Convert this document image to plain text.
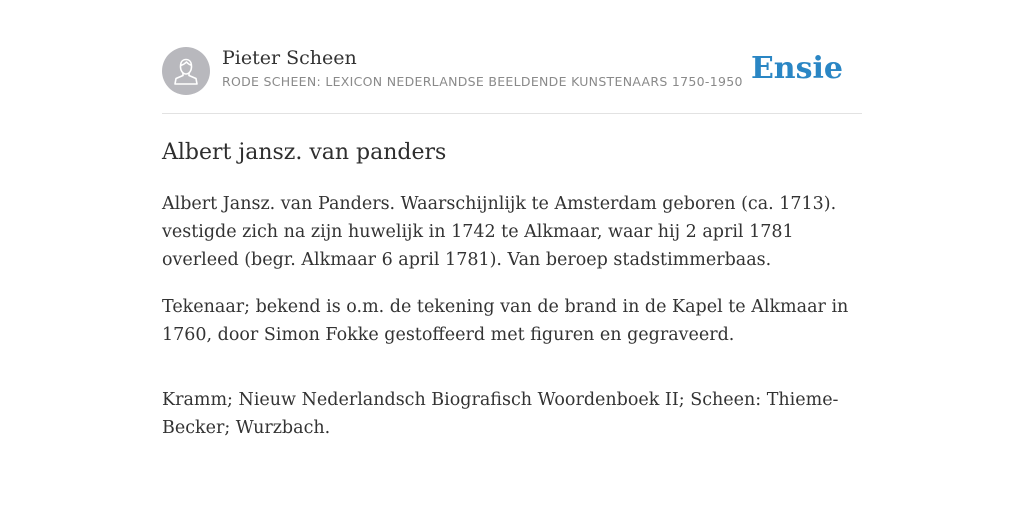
Pieter Scheen
RODE SCHEEN: LEXICON NEDERLANDSE BEELDENDE KUNSTENAARS 1750-1950 Ensie
Albert jansz. van panders

Albert Jansz. van Panders. Waarschijnlijk te Amsterdam geboren (ca. 1713). vestigde zich na zijn huwelijk in 1742 te Alkmaar, waar hij 2 april 1781 overleed (begr. Alkmaar 6 april 1781). Van beroep stadstimmerbaas.

Tekenaar; bekend is o.m. de tekening van de brand in de Kapel te Alkmaar in 1760, door Simon Fokke gestoffeerd met figuren en gegraveerd.

Kramm; Nieuw Nederlandsch Biografisch Woordenboek II; Scheen: Thieme-Becker; Wurzbach.
